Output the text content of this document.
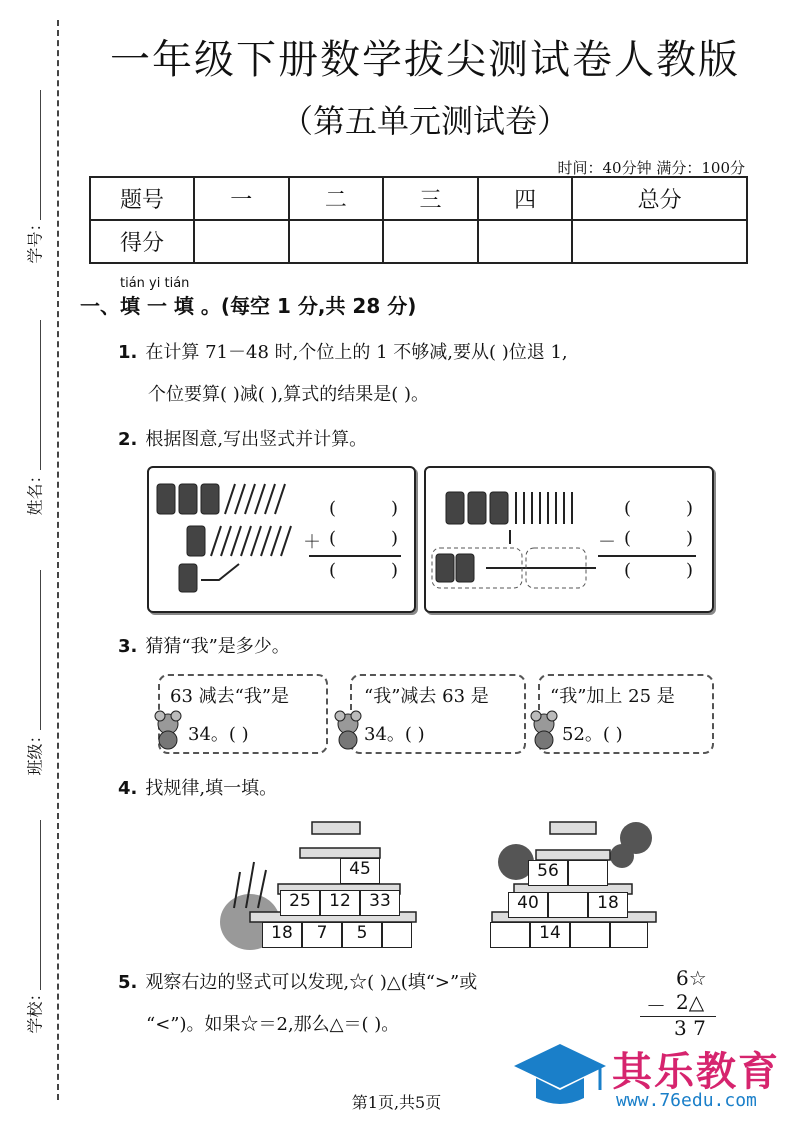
学号：
姓名：
班级：
学校：
一年级下册数学拔尖测试卷人教版
（第五单元测试卷）
时间：40分钟 满分：100分
题号	一	二	三	四	总分
得分					
tián yi tián
一、填 一 填 。(每空 1 分,共 28 分)
1. 在计算 71－48 时,个位上的 1 不够减,要从( )位退 1,
个位要算( )减( ),算式的结果是( )。
2. 根据图意,写出竖式并计算。
(	)
＋ (	)
(	)
(	)
－ (	)
(	)
3. 猜猜“我”是多少。
63 减去“我”是
34。( )
“我”减去 63 是
34。( )
“我”加上 25 是
52。( )
4. 找规律,填一填。
45
25	12	33
18	7	5
56
40	18
14
5. 观察右边的竖式可以发现,☆( )△(填“>”或
“<”)。如果☆＝2,那么△＝( )。
6☆
－ 2△
3 7
其乐教育
www.76edu.com
第1页,共5页
